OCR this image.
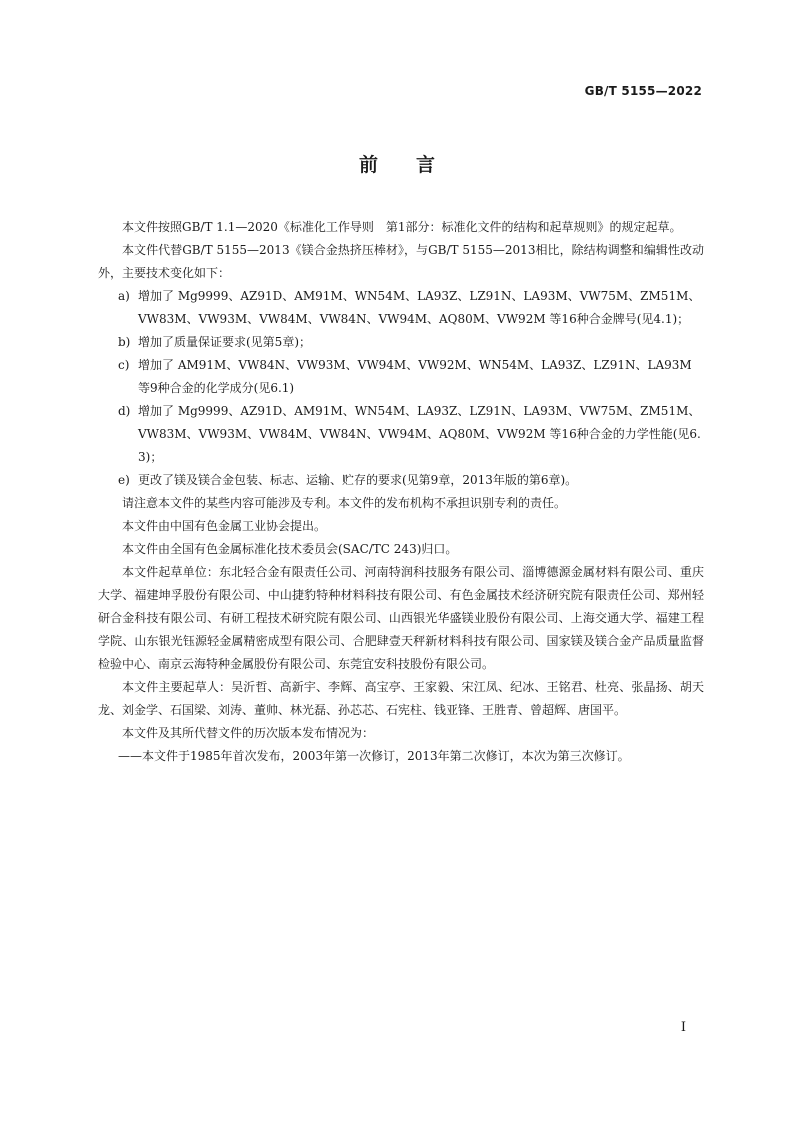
GB/T 5155—2022
前 言

本文件按照GB/T 1.1—2020《标准化工作导则　第1部分：标准化文件的结构和起草规则》的规定起草。

本文件代替GB/T 5155—2013《镁合金热挤压棒材》，与GB/T 5155—2013相比，除结构调整和编辑性改动外，主要技术变化如下：

a) 增加了 Mg9999、AZ91D、AM91M、WN54M、LA93Z、LZ91N、LA93M、VW75M、ZM51M、VW83M、VW93M、VW84M、VW84N、VW94M、AQ80M、VW92M 等16种合金牌号(见4.1)；

b) 增加了质量保证要求(见第5章)；

c) 增加了 AM91M、VW84N、VW93M、VW94M、VW92M、WN54M、LA93Z、LZ91N、LA93M 等9种合金的化学成分(见6.1)

d) 增加了 Mg9999、AZ91D、AM91M、WN54M、LA93Z、LZ91N、LA93M、VW75M、ZM51M、VW83M、VW93M、VW84M、VW84N、VW94M、AQ80M、VW92M 等16种合金的力学性能(见6.3)；

e) 更改了镁及镁合金包装、标志、运输、贮存的要求(见第9章，2013年版的第6章)。

请注意本文件的某些内容可能涉及专利。本文件的发布机构不承担识别专利的责任。

本文件由中国有色金属工业协会提出。

本文件由全国有色金属标准化技术委员会(SAC/TC 243)归口。

本文件起草单位：东北轻合金有限责任公司、河南特润科技服务有限公司、淄博德源金属材料有限公司、重庆大学、福建坤孚股份有限公司、中山捷豹特种材料科技有限公司、有色金属技术经济研究院有限责任公司、郑州轻研合金科技有限公司、有研工程技术研究院有限公司、山西银光华盛镁业股份有限公司、上海交通大学、福建工程学院、山东银光钰源轻金属精密成型有限公司、合肥肆壹天秤新材料科技有限公司、国家镁及镁合金产品质量监督检验中心、南京云海特种金属股份有限公司、东莞宜安科技股份有限公司。

本文件主要起草人：吴沂哲、高新宇、李辉、高宝亭、王家毅、宋江凤、纪冰、王铭君、杜亮、张晶扬、胡天龙、刘金学、石国梁、刘涛、董帅、林光磊、孙芯芯、石宪柱、钱亚锋、王胜青、曾超辉、唐国平。

本文件及其所代替文件的历次版本发布情况为：

——本文件于1985年首次发布，2003年第一次修订，2013年第二次修订，本次为第三次修订。

I
